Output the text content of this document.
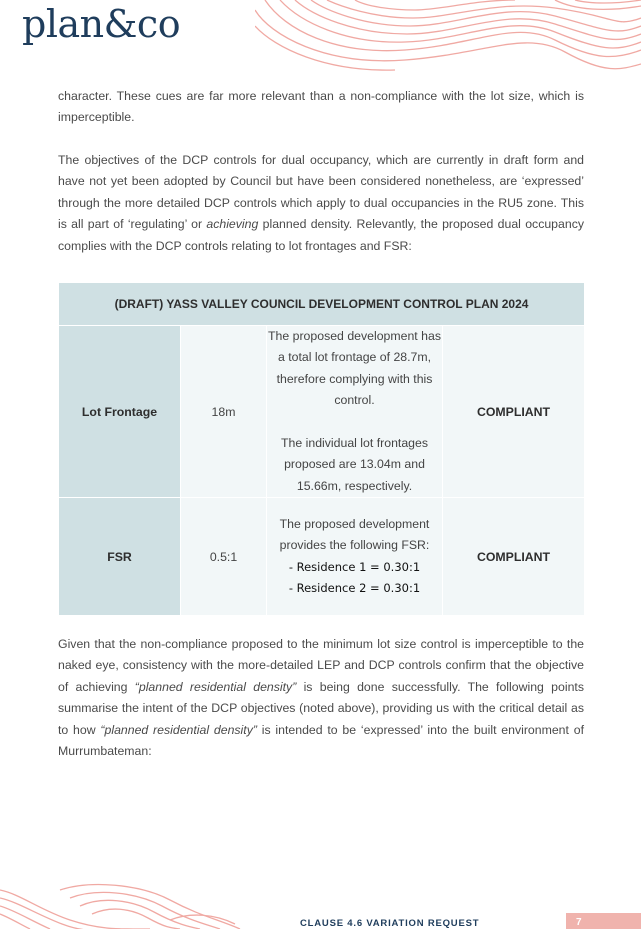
plan&co
character. These cues are far more relevant than a non-compliance with the lot size, which is imperceptible.
The objectives of the DCP controls for dual occupancy, which are currently in draft form and have not yet been adopted by Council but have been considered nonetheless, are ‘expressed’ through the more detailed DCP controls which apply to dual occupancies in the RU5 zone. This is all part of ‘regulating’ or achieving planned density. Relevantly, the proposed dual occupancy complies with the DCP controls relating to lot frontages and FSR:
(DRAFT) YASS VALLEY COUNCIL DEVELOPMENT CONTROL PLAN 2024			
Lot Frontage	18m	The proposed development has a total lot frontage of 28.7m, therefore complying with this control.
The individual lot frontages proposed are 13.04m and 15.66m, respectively.	COMPLIANT
FSR	0.5:1	The proposed development provides the following FSR:
- Residence 1 = 0.30:1
- Residence 2 = 0.30:1	COMPLIANT
Given that the non-compliance proposed to the minimum lot size control is imperceptible to the naked eye, consistency with the more-detailed LEP and DCP controls confirm that the objective of achieving “planned residential density” is being done successfully. The following points summarise the intent of the DCP objectives (noted above), providing us with the critical detail as to how “planned residential density” is intended to be ‘expressed’ into the built environment of Murrumbateman:
CLAUSE 4.6 VARIATION REQUEST	7
